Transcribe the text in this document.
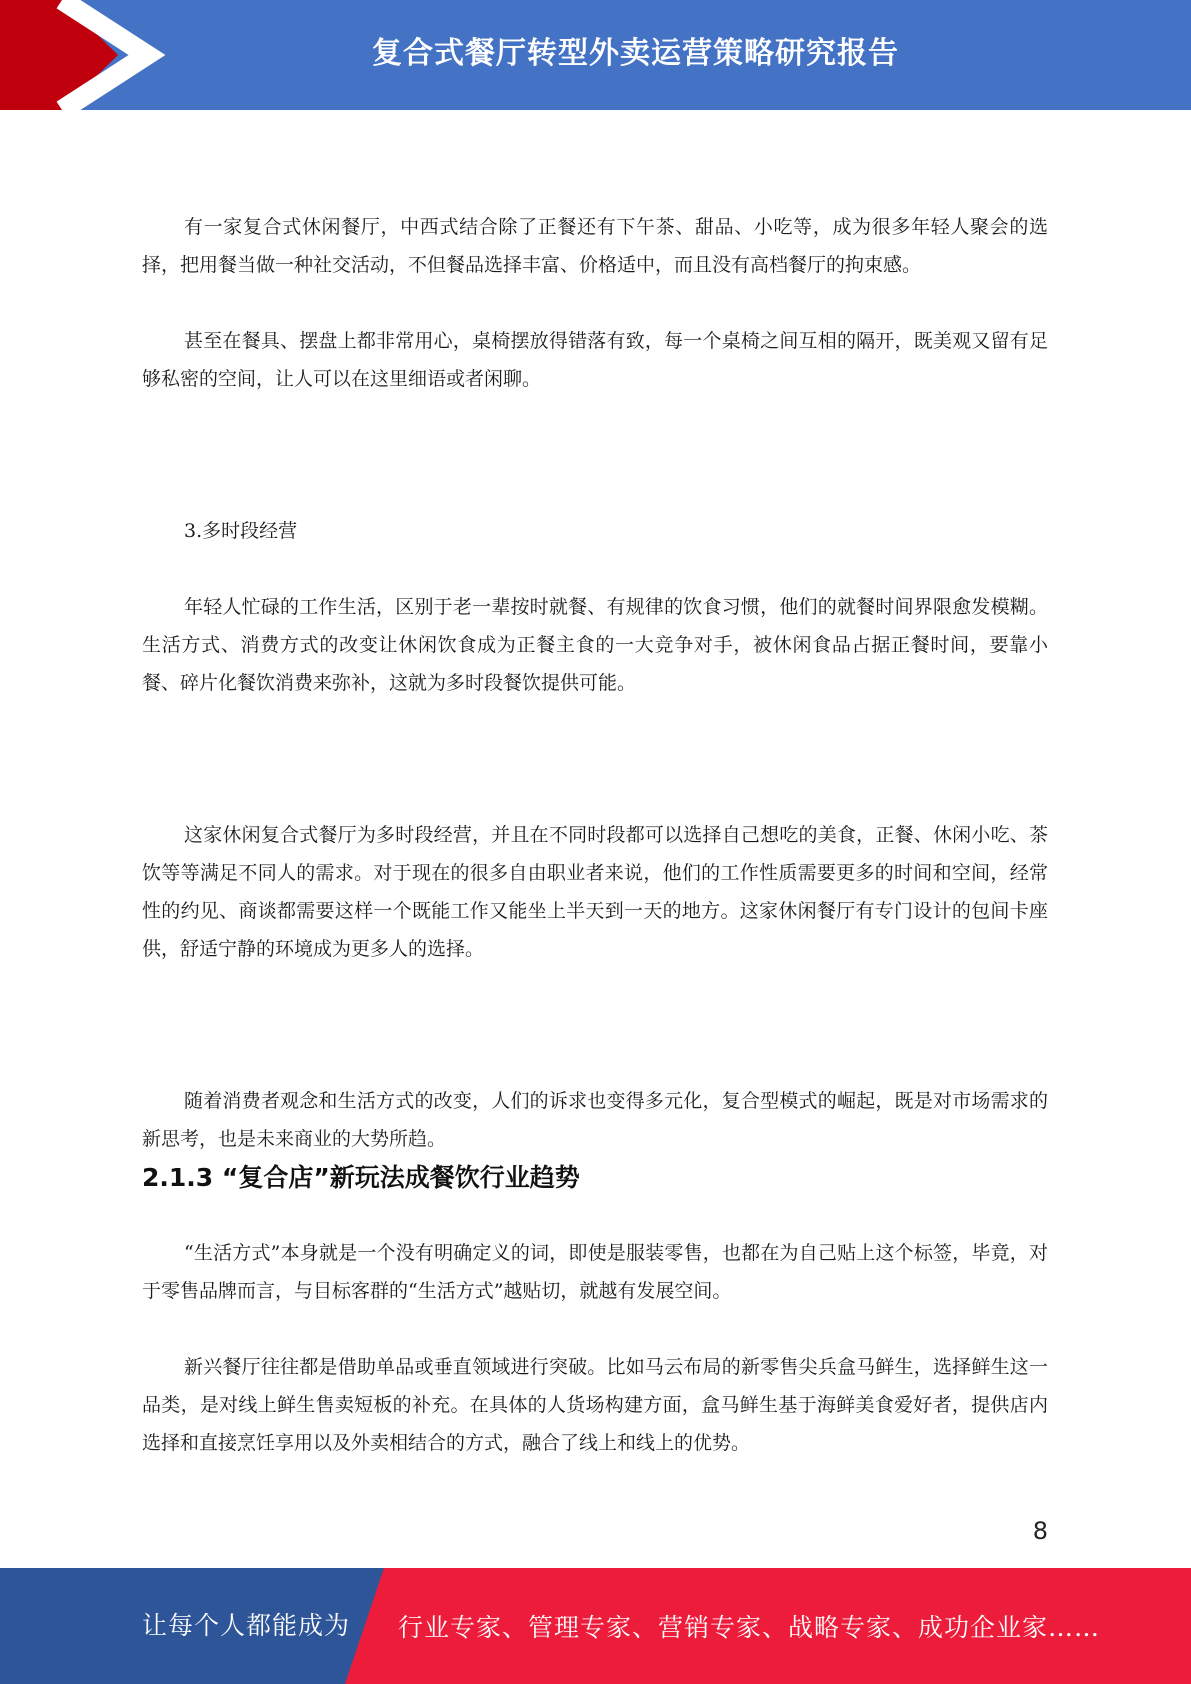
复合式餐厅转型外卖运营策略研究报告

有一家复合式休闲餐厅，中西式结合除了正餐还有下午茶、甜品、小吃等，成为很多年轻人聚会的选择，把用餐当做一种社交活动，不但餐品选择丰富、价格适中，而且没有高档餐厅的拘束感。

甚至在餐具、摆盘上都非常用心，桌椅摆放得错落有致，每一个桌椅之间互相的隔开，既美观又留有足够私密的空间，让人可以在这里细语或者闲聊。

3.多时段经营

年轻人忙碌的工作生活，区别于老一辈按时就餐、有规律的饮食习惯，他们的就餐时间界限愈发模糊。生活方式、消费方式的改变让休闲饮食成为正餐主食的一大竞争对手，被休闲食品占据正餐时间，要靠小餐、碎片化餐饮消费来弥补，这就为多时段餐饮提供可能。

这家休闲复合式餐厅为多时段经营，并且在不同时段都可以选择自己想吃的美食，正餐、休闲小吃、茶饮等等满足不同人的需求。对于现在的很多自由职业者来说，他们的工作性质需要更多的时间和空间，经常性的约见、商谈都需要这样一个既能工作又能坐上半天到一天的地方。这家休闲餐厅有专门设计的包间卡座供，舒适宁静的环境成为更多人的选择。

随着消费者观念和生活方式的改变，人们的诉求也变得多元化，复合型模式的崛起，既是对市场需求的新思考，也是未来商业的大势所趋。

2.1.3 “复合店”新玩法成餐饮行业趋势

“生活方式”本身就是一个没有明确定义的词，即使是服装零售，也都在为自己贴上这个标签，毕竟，对于零售品牌而言，与目标客群的“生活方式”越贴切，就越有发展空间。

新兴餐厅往往都是借助单品或垂直领域进行突破。比如马云布局的新零售尖兵盒马鲜生，选择鲜生这一品类，是对线上鲜生售卖短板的补充。在具体的人货场构建方面，盒马鲜生基于海鲜美食爱好者，提供店内选择和直接烹饪享用以及外卖相结合的方式，融合了线上和线上的优势。

8
让每个人都能成为 行业专家、管理专家、营销专家、战略专家、成功企业家……
